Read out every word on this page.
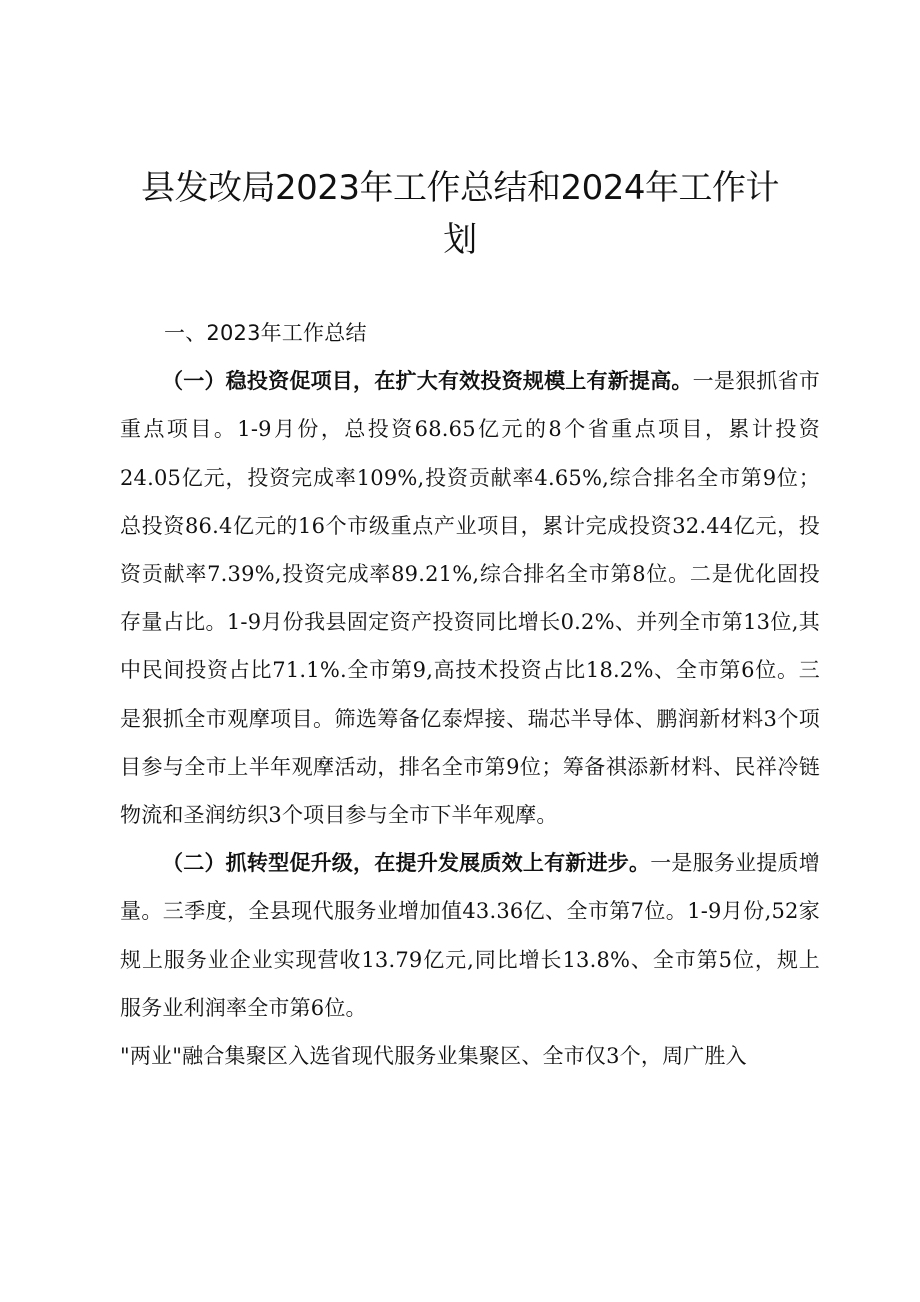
县发改局2023年工作总结和2024年工作计划
一、2023年工作总结

（一）稳投资促项目，在扩大有效投资规模上有新提高。一是狠抓省市重点项目。1-9月份，总投资68.65亿元的8个省重点项目，累计投资24.05亿元，投资完成率109%,投资贡献率4.65%,综合排名全市第9位；总投资86.4亿元的16个市级重点产业项目，累计完成投资32.44亿元，投资贡献率7.39%,投资完成率89.21%,综合排名全市第8位。二是优化固投存量占比。1-9月份我县固定资产投资同比增长0.2%、并列全市第13位,其中民间投资占比71.1%.全市第9,高技术投资占比18.2%、全市第6位。三是狠抓全市观摩项目。筛选筹备亿泰焊接、瑞芯半导体、鹏润新材料3个项目参与全市上半年观摩活动，排名全市第9位；筹备祺添新材料、民祥冷链物流和圣润纺织3个项目参与全市下半年观摩。

（二）抓转型促升级，在提升发展质效上有新进步。一是服务业提质增量。三季度，全县现代服务业增加值43.36亿、全市第7位。1-9月份,52家规上服务业企业实现营收13.79亿元,同比增长13.8%、全市第5位，规上服务业利润率全市第6位。

"两业"融合集聚区入选省现代服务业集聚区、全市仅3个，周广胜入
